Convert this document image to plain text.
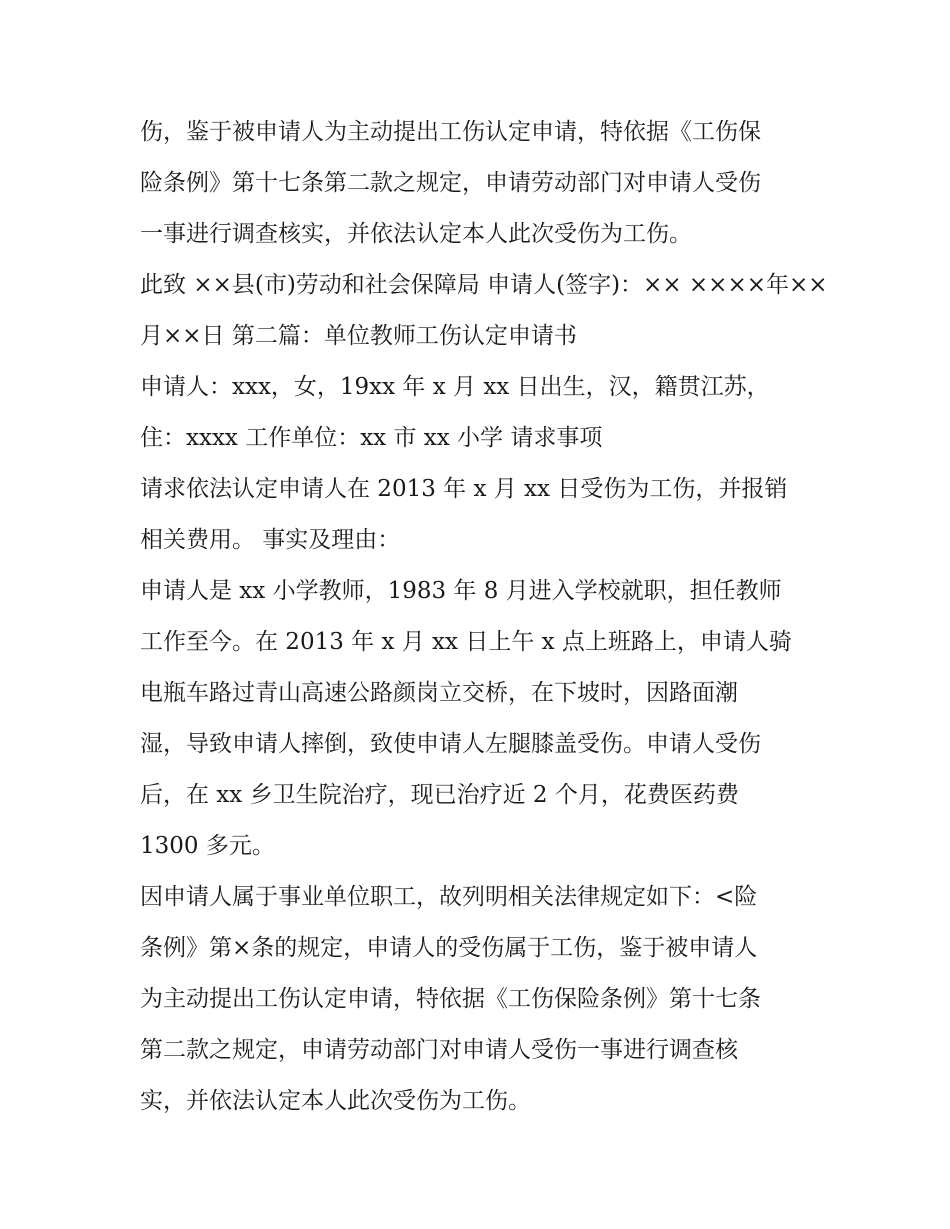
伤，鉴于被申请人为主动提出工伤认定申请，特依据《工伤保
险条例》第十七条第二款之规定，申请劳动部门对申请人受伤
一事进行调查核实，并依法认定本人此次受伤为工伤。
此致 ××县(市)劳动和社会保障局 申请人(签字)：×× ××××年××
月××日 第二篇：单位教师工伤认定申请书
申请人：xxx，女，19xx 年 x 月 xx 日出生，汉，籍贯江苏，
住：xxxx 工作单位：xx 市 xx 小学 请求事项
请求依法认定申请人在 2013 年 x 月 xx 日受伤为工伤，并报销
相关费用。 事实及理由：
申请人是 xx 小学教师，1983 年 8 月进入学校就职，担任教师
工作至今。在 2013 年 x 月 xx 日上午 x 点上班路上，申请人骑
电瓶车路过青山高速公路颜岗立交桥，在下坡时，因路面潮
湿，导致申请人摔倒，致使申请人左腿膝盖受伤。申请人受伤
后，在 xx 乡卫生院治疗，现已治疗近 2 个月，花费医药费
1300 多元。
因申请人属于事业单位职工，故列明相关法律规定如下：<险
条例》第×条的规定，申请人的受伤属于工伤，鉴于被申请人
为主动提出工伤认定申请，特依据《工伤保险条例》第十七条
第二款之规定，申请劳动部门对申请人受伤一事进行调查核
实，并依法认定本人此次受伤为工伤。
